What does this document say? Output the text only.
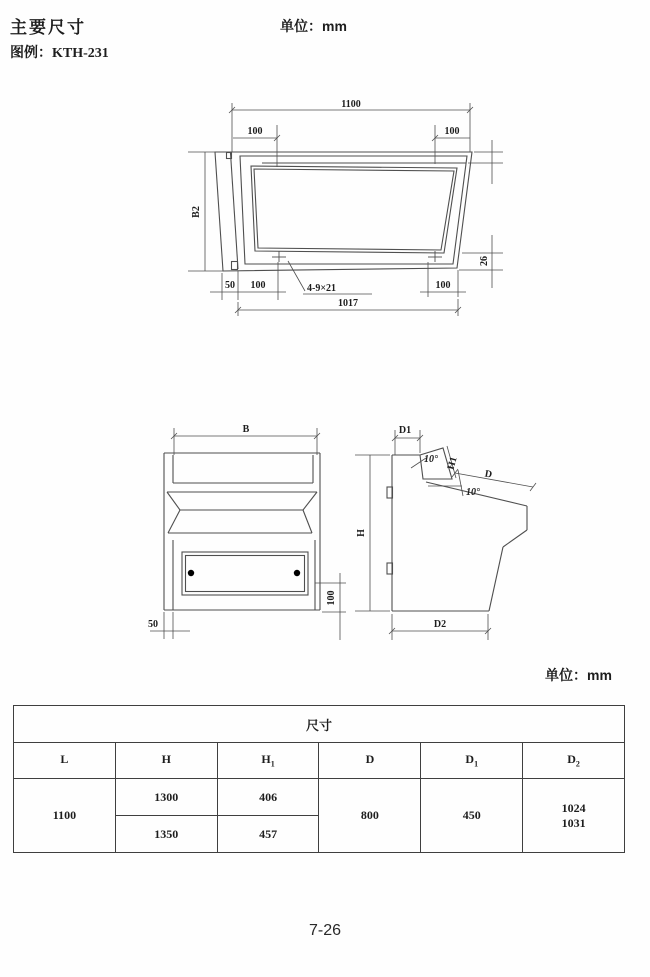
主要尺寸
图例：KTH-231
单位：mm
1100
100	100
B2
26
50 100	4-9×21	100
1017
B
100
50
D1
10° H1
D
10°
H
D2
单位：mm
尺寸					
L	H	$H_1$	D	$D_1$	$D_2$
1100	1300	406	800	450	1024
1031

	1350	457			
7-26
